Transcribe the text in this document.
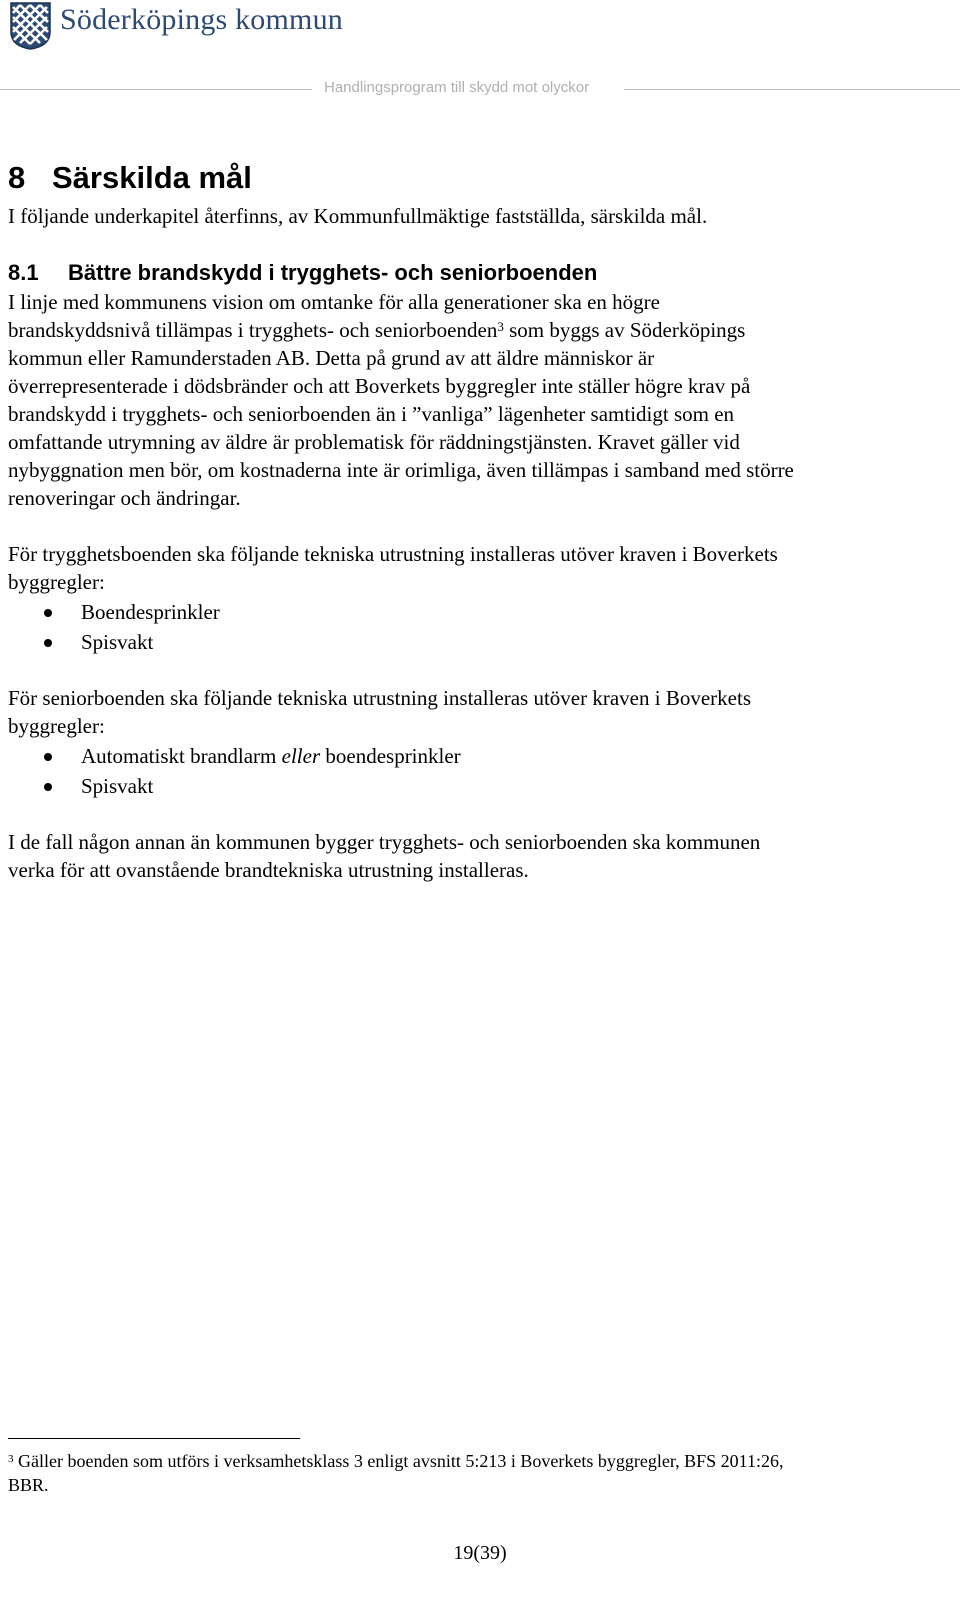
Söderköpings kommun
Handlingsprogram till skydd mot olyckor
8 Särskilda mål

I följande underkapitel återfinns, av Kommunfullmäktige fastställda, särskilda mål.

8.1 Bättre brandskydd i trygghets- och seniorboenden
I linje med kommunens vision om omtanke för alla generationer ska en högre
brandskyddsnivå tillämpas i trygghets- och seniorboenden$^3$ som byggs av Söderköpings
kommun eller Ramunderstaden AB. Detta på grund av att äldre människor är
överrepresenterade i dödsbränder och att Boverkets byggregler inte ställer högre krav på
brandskydd i trygghets- och seniorboenden än i ”vanliga” lägenheter samtidigt som en
omfattande utrymning av äldre är problematisk för räddningstjänsten. Kravet gäller vid
nybyggnation men bör, om kostnaderna inte är orimliga, även tillämpas i samband med större
renoveringar och ändringar.
För trygghetsboenden ska följande tekniska utrustning installeras utöver kraven i Boverkets
byggregler:
Boendesprinkler
Spisvakt
För seniorboenden ska följande tekniska utrustning installeras utöver kraven i Boverkets
byggregler:
Automatiskt brandlarm eller boendesprinkler
Spisvakt
I de fall någon annan än kommunen bygger trygghets- och seniorboenden ska kommunen
verka för att ovanstående brandtekniska utrustning installeras.
$^3$ Gäller boenden som utförs i verksamhetsklass 3 enligt avsnitt 5:213 i Boverkets byggregler, BFS 2011:26,
BBR.
19(39)
